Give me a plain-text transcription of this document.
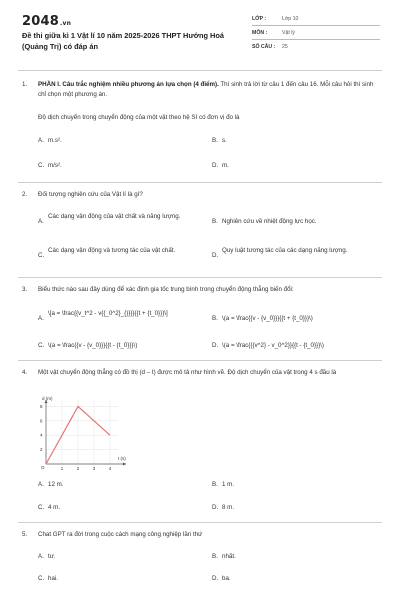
2048.vn
Đề thi giữa kì 1 Vật lí 10 năm 2025-2026 THPT Hướng Hoá (Quảng Trị) có đáp án
LỚP :	Lớp 10
MÔN :	Vật lý
SỐ CÂU : 25
1. PHẦN I. Câu trắc nghiệm nhiều phương án lựa chọn (4 điểm). Thí sinh trả lời từ câu 1 đến câu 16. Mỗi câu hỏi thí sinh chỉ chọn một phương án.
Độ dịch chuyển trong chuyển động của một vật theo hệ SI có đơn vị đo là
A. m.s².	B. s.
C. m/s².	D. m.
2. Đối tượng nghiên cứu của Vật lí là gì?
A.
Các dạng vận động của vật chất và năng lượng.
B. Nghiên cứu về nhiệt động lực học.
C.
Các dạng vận động và tương tác của vật chất.
D.
Quy luật tương tác của các dạng năng lượng.
3. Biểu thức nào sau đây dùng để xác định gia tốc trung bình trong chuyển động thẳng biến đổi:
A.
\[a = \frac{{v_t^2 - v{{_0^2}_{}}}}{{t + {t_0}}}\]
B. \(a = \frac{{v - {v_0}}}{{t + {t_0}}}\)
C. \(a = \frac{{v - {v_0}}}{{t - {t_0}}}\)	D. \(a = \frac{{{v^2} - v_0^2}}{{t - {t_0}}}\)
4. Một vật chuyển động thẳng có đồ thị (d – t) được mô tả như hình vẽ. Độ dịch chuyển của vật trong 4 s đầu là
2
4
6
8
1	2	3	4
d (m)
t (s)
O
A. 12 m.	B. 1 m.
C. 4 m.	D. 8 m.
5. Chat GPT ra đời trong cuộc cách mạng công nghiệp lần thứ
A. tư.	B. nhất.
C. hai.	D. ba.
